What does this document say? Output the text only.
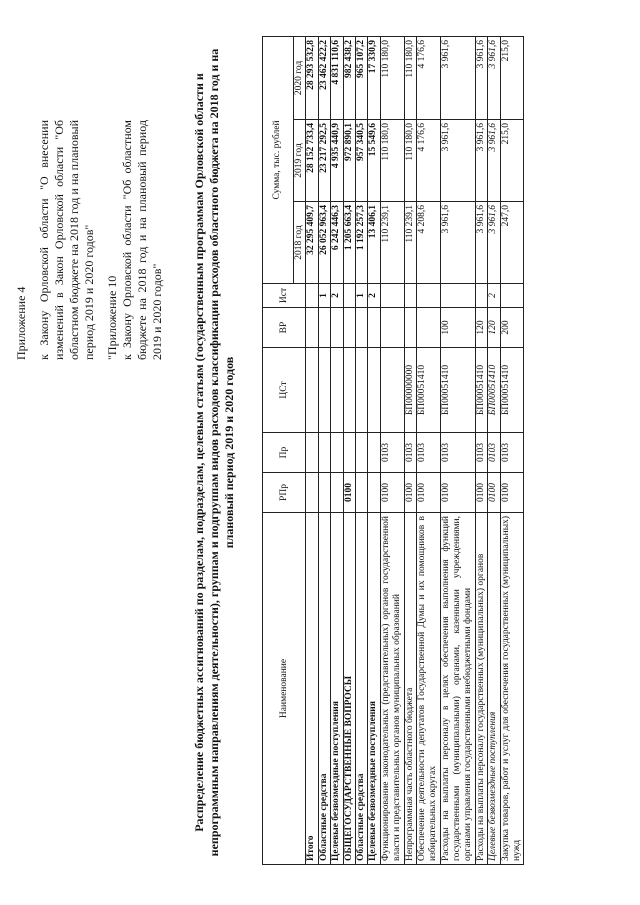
Приложение 4 к Закону Орловской области "О внесении изменений в Закон Орловской области "Об областном бюджете на 2018 год и на плановый период 2019 и 2020 годов" "Приложение 10 к Закону Орловской области "Об областном бюджете на 2018 год и на плановый период 2019 и 2020 годов" Распределение бюджетных ассигнований по разделам, подразделам, целевым статьям (государственным программам Орловской области и непрограммным направлениям деятельности), группам и подгруппам видов расходов классификации расходов областного бюджета на 2018 год и на плановый период 2019 и 2020 годов
Наименование	РПр	Пр	ЦСт	ВР	Ист	Сумма, тыс. рублей		
						2018 год	2019 год	2020 год
Итого						32 295 409,7	28 152 733,4	28 293 532,8
Областные средства					1	26 052 963,4	23 217 292,5	23 462 422,2
Целевые безвозмездные поступления					2	6 242 446,3	4 935 440,9	4 831 110,6
ОБЩЕГОСУДАРСТВЕННЫЕ ВОПРОСЫ	0100					1 205 663,4	972 890,1	982 438,2
Областные средства					1	1 192 257,3	957 340,5	965 107,2
Целевые безвозмездные поступления					2	13 406,1	15 549,6	17 330,9
Функционирование законодательных (представительных) органов государственной власти и представительных органов муниципальных образований	0100	0103				110 239,1	110 180,0	110 180,0
Непрограммная часть областного бюджета	0100	0103	БП00000000			110 239,1	110 180,0	110 180,0
Обеспечение деятельности депутатов Государственной Думы и их помощников в избирательных округах	0100	0103	БП00051410			4 208,6	4 176,6	4 176,6
Расходы на выплаты персоналу в целях обеспечения выполнения функций государственными (муниципальными) органами, казенными учреждениями, органами управления государственными внебюджетными фондами	0100	0103	БП00051410	100		3 961,6	3 961,6	3 961,6
Расходы на выплаты персоналу государственных (муниципальных) органов	0100	0103	БП00051410	120		3 961,6	3 961,6	3 961,6
Целевые безвозмездные поступления	0100	0103	БП00051410	120	2	3 961,6	3 961,6	3 961,6
Закупка товаров, работ и услуг для обеспечения государственных (муниципальных) нужд	0100	0103	БП00051410	200		247,0	215,0	215,0
